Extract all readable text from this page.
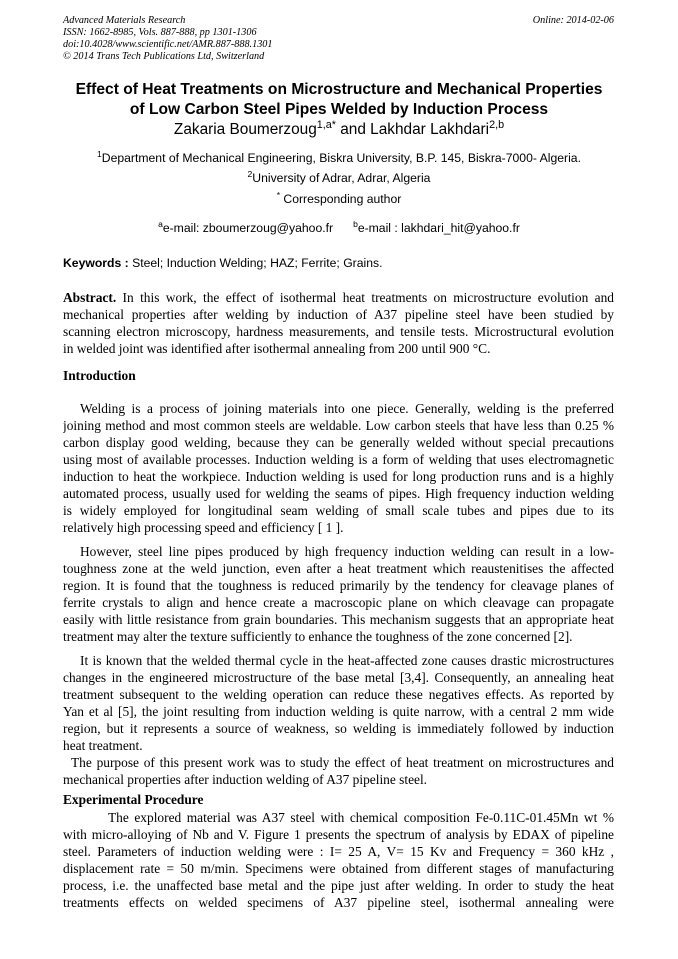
Advanced Materials Research
ISSN: 1662-8985, Vols. 887-888, pp 1301-1306
doi:10.4028/www.scientific.net/AMR.887-888.1301
© 2014 Trans Tech Publications Ltd, Switzerland
Online: 2014-02-06
Effect of Heat Treatments on Microstructure and Mechanical Properties
of Low Carbon Steel Pipes Welded by Induction Process
Zakaria Boumerzoug$^{1,a*}$ and Lakhdar Lakhdari$^{2,b}$
$^1$Department of Mechanical Engineering, Biskra University, B.P. 145, Biskra-7000- Algeria.
$^2$University of Adrar, Adrar, Algeria
* Corresponding author
$^a$e-mail: zboumerzoug@yahoo.fr $^b$e-mail : lakhdari_hit@yahoo.fr
Keywords : Steel; Induction Welding; HAZ; Ferrite; Grains.
Abstract. In this work, the effect of isothermal heat treatments on microstructure evolution and
mechanical properties after welding by induction of A37 pipeline steel have been studied by
scanning electron microscopy, hardness measurements, and tensile tests. Microstructural evolution
in welded joint was identified after isothermal annealing from 200 until 900 °C.
Introduction
Welding is a process of joining materials into one piece. Generally, welding is the preferred
joining method and most common steels are weldable. Low carbon steels that have less than 0.25 %
carbon display good welding, because they can be generally welded without special precautions
using most of available processes. Induction welding is a form of welding that uses electromagnetic
induction to heat the workpiece. Induction welding is used for long production runs and is a highly
automated process, usually used for welding the seams of pipes. High frequency induction welding
is widely employed for longitudinal seam welding of small scale tubes and pipes due to its
relatively high processing speed and efficiency [ 1 ].
However, steel line pipes produced by high frequency induction welding can result in a low-
toughness zone at the weld junction, even after a heat treatment which reaustenitises the affected
region. It is found that the toughness is reduced primarily by the tendency for cleavage planes of
ferrite crystals to align and hence create a macroscopic plane on which cleavage can propagate
easily with little resistance from grain boundaries. This mechanism suggests that an appropriate heat
treatment may alter the texture sufficiently to enhance the toughness of the zone concerned [2].
It is known that the welded thermal cycle in the heat-affected zone causes drastic microstructures
changes in the engineered microstructure of the base metal [3,4]. Consequently, an annealing heat
treatment subsequent to the welding operation can reduce these negatives effects. As reported by
Yan et al [5], the joint resulting from induction welding is quite narrow, with a central 2 mm wide
region, but it represents a source of weakness, so welding is immediately followed by induction
heat treatment.
The purpose of this present work was to study the effect of heat treatment on microstructures and
mechanical properties after induction welding of A37 pipeline steel.
Experimental Procedure
The explored material was A37 steel with chemical composition Fe-0.11C-01.45Mn wt %
with micro-alloying of Nb and V. Figure 1 presents the spectrum of analysis by EDAX of pipeline
steel. Parameters of induction welding were : I= 25 A, V= 15 Kv and Frequency = 360 kHz ,
displacement rate = 50 m/min. Specimens were obtained from different stages of manufacturing
process, i.e. the unaffected base metal and the pipe just after welding. In order to study the heat
treatments effects on welded specimens of A37 pipeline steel, isothermal annealing were
